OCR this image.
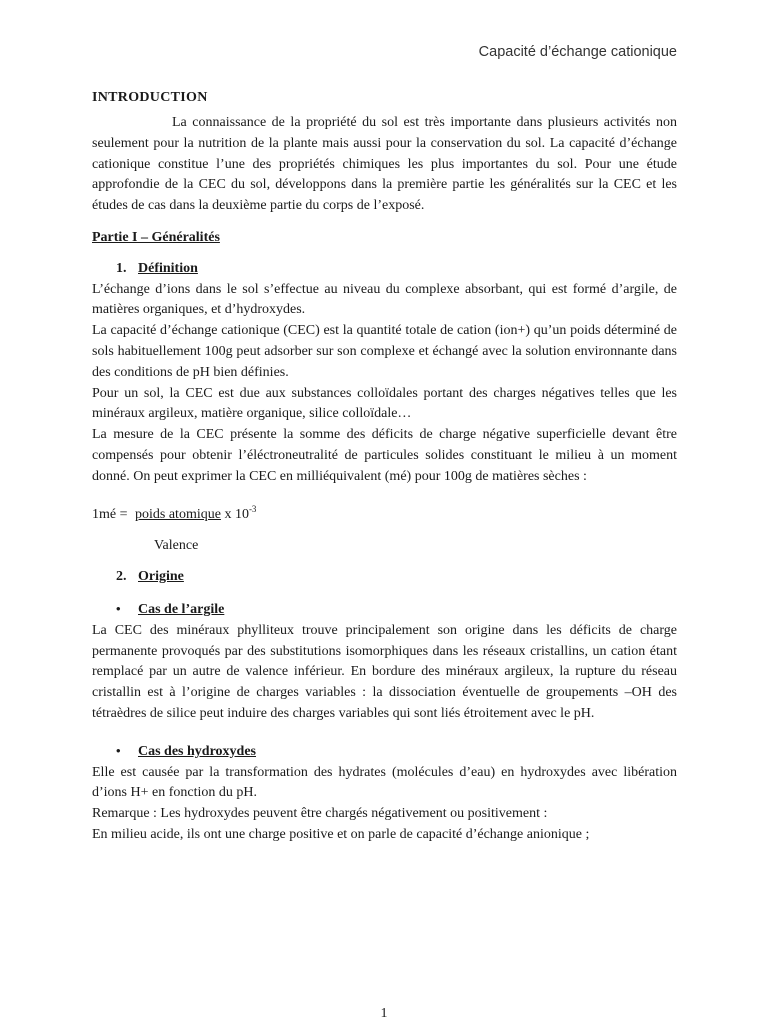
Capacité d’échange cationique
INTRODUCTION

La connaissance de la propriété du sol est très importante dans plusieurs activités non seulement pour la nutrition de la plante mais aussi pour la conservation du sol. La capacité d’échange cationique constitue l’une des propriétés chimiques les plus importantes du sol. Pour une étude approfondie de la CEC du sol, développons dans la première partie les généralités sur la CEC et les études de cas dans la deuxième partie du corps de l’exposé.

Partie I – Généralités
1. Définition

L’échange d’ions dans le sol s’effectue au niveau du complexe absorbant, qui est formé d’argile, de matières organiques, et d’hydroxydes.

La capacité d’échange cationique (CEC) est la quantité totale de cation (ion+) qu’un poids déterminé de sols habituellement 100g peut adsorber sur son complexe et échangé avec la solution environnante dans des conditions de pH bien définies.

Pour un sol, la CEC est due aux substances colloïdales portant des charges négatives telles que les minéraux argileux, matière organique, silice colloïdale…

La mesure de la CEC présente la somme des déficits de charge négative superficielle devant être compensés pour obtenir l’éléctroneutralité de particules solides constituant le milieu à un moment donné. On peut exprimer la CEC en milliéquivalent (mé) pour 100g de matières sèches :

1mé = poids atomique x $10^{-3}$
Valence
2. Origine
• Cas de l’argile

La CEC des minéraux phylliteux trouve principalement son origine dans les déficits de charge permanente provoqués par des substitutions isomorphiques dans les réseaux cristallins, un cation étant remplacé par un autre de valence inférieur. En bordure des minéraux argileux, la rupture du réseau cristallin est à l’origine de charges variables : la dissociation éventuelle de groupements –OH des tétraèdres de silice peut induire des charges variables qui sont liés étroitement avec le pH.

• Cas des hydroxydes

Elle est causée par la transformation des hydrates (molécules d’eau) en hydroxydes avec libération d’ions H+ en fonction du pH.

Remarque : Les hydroxydes peuvent être chargés négativement ou positivement :

En milieu acide, ils ont une charge positive et on parle de capacité d’échange anionique ;

1
